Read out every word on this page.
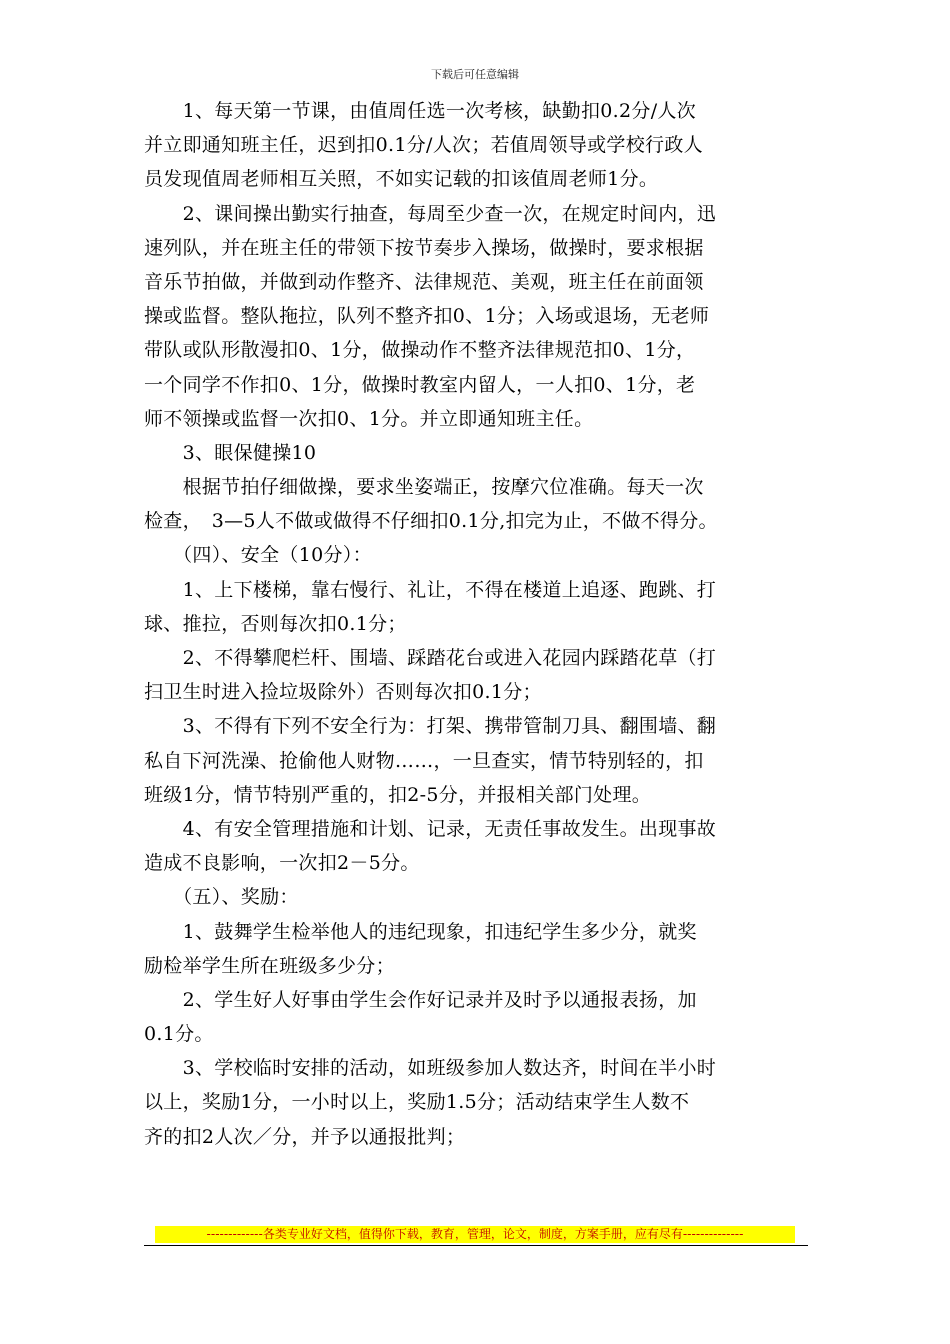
下载后可任意编辑
　　1、每天第一节课，由值周任选一次考核，缺勤扣0.2分/人次
并立即通知班主任，迟到扣0.1分/人次；若值周领导或学校行政人
员发现值周老师相互关照，不如实记载的扣该值周老师1分。
　　2、课间操出勤实行抽查，每周至少查一次，在规定时间内，迅
速列队，并在班主任的带领下按节奏步入操场，做操时，要求根据
音乐节拍做，并做到动作整齐、法律规范、美观，班主任在前面领
操或监督。整队拖拉，队列不整齐扣0、1分；入场或退场，无老师
带队或队形散漫扣0、1分，做操动作不整齐法律规范扣0、1分，
一个同学不作扣0、1分，做操时教室内留人，一人扣0、1分，老
师不领操或监督一次扣0、1分。并立即通知班主任。
　　3、眼保健操10
　　根据节拍仔细做操，要求坐姿端正，按摩穴位准确。每天一次
检查，　3—5人不做或做得不仔细扣0.1分,扣完为止，不做不得分。
　　（四）、安全（10分）：
　　1、上下楼梯，靠右慢行、礼让，不得在楼道上追逐、跑跳、打
球、推拉，否则每次扣0.1分；
　　2、不得攀爬栏杆、围墙、踩踏花台或进入花园内踩踏花草（打
扫卫生时进入捡垃圾除外）否则每次扣0.1分；
　　3、不得有下列不安全行为：打架、携带管制刀具、翻围墙、翻
私自下河洗澡、抢偷他人财物……，一旦查实，情节特别轻的，扣
班级1分，情节特别严重的，扣2-5分，并报相关部门处理。
　　4、有安全管理措施和计划、记录，无责任事故发生。出现事故
造成不良影响，一次扣2－5分。
　　（五）、奖励：
　　1、鼓舞学生检举他人的违纪现象，扣违纪学生多少分，就奖
励检举学生所在班级多少分；
　　2、学生好人好事由学生会作好记录并及时予以通报表扬，加
0.1分。
　　3、学校临时安排的活动，如班级参加人数达齐，时间在半小时
以上，奖励1分，一小时以上，奖励1.5分；活动结束学生人数不
齐的扣2人次／分，并予以通报批判；
-------------各类专业好文档，值得你下载，教育，管理，论文，制度，方案手册，应有尽有--------------
